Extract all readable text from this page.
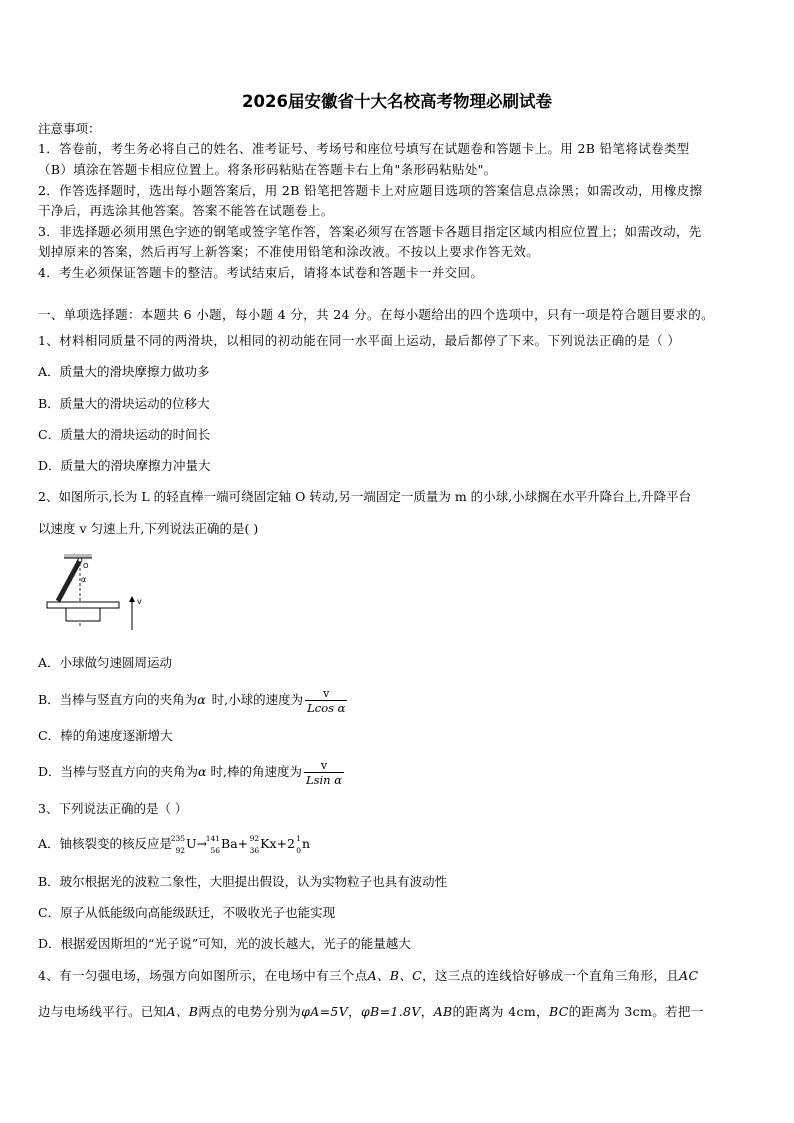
2026届安徽省十大名校高考物理必刷试卷
注意事项：
1．答卷前，考生务必将自己的姓名、准考证号、考场号和座位号填写在试题卷和答题卡上。用 2B 铅笔将试卷类型
（B）填涂在答题卡相应位置上。将条形码粘贴在答题卡右上角"条形码粘贴处"。
2．作答选择题时，选出每小题答案后，用 2B 铅笔把答题卡上对应题目选项的答案信息点涂黑；如需改动，用橡皮擦
干净后，再选涂其他答案。答案不能答在试题卷上。
3．非选择题必须用黑色字迹的钢笔或签字笔作答，答案必须写在答题卡各题目指定区域内相应位置上；如需改动，先
划掉原来的答案，然后再写上新答案；不准使用铅笔和涂改液。不按以上要求作答无效。
4．考生必须保证答题卡的整洁。考试结束后，请将本试卷和答题卡一并交回。
一、单项选择题：本题共 6 小题，每小题 4 分，共 24 分。在每小题给出的四个选项中，只有一项是符合题目要求的。
1、材料相同质量不同的两滑块，以相同的初动能在同一水平面上运动，最后都停了下来。下列说法正确的是（ ）
A．质量大的滑块摩擦力做功多
B．质量大的滑块运动的位移大
C．质量大的滑块运动的时间长
D．质量大的滑块摩擦力冲量大
2、如图所示,长为 L 的轻直棒一端可绕固定轴 O 转动,另一端固定一质量为 m 的小球,小球搁在水平升降台上,升降平台
以速度 v 匀速上升,下列说法正确的是( )
O
α
v
A．小球做匀速圆周运动
B．当棒与竖直方向的夹角为α 时,小球的速度为 $\frac{v}{\text{Lcos α}}$
C．棒的角速度逐渐增大
D．当棒与竖直方向的夹角为α 时,棒的角速度为 $\frac{v}{\text{Lsin α}}$
3、下列说法正确的是（ ）
A．铀核裂变的核反应是
235
92 U→
141
56 Ba+ 92
36 Kx+2 1
0 n
B．玻尔根据光的波粒二象性，大胆提出假设，认为实物粒子也具有波动性
C．原子从低能级向高能级跃迁，不吸收光子也能实现
D．根据爱因斯坦的“光子说”可知，光的波长越大，光子的能量越大
4、有一匀强电场，场强方向如图所示，在电场中有三个点A、B、C，这三点的连线恰好够成一个直角三角形，且AC
边与电场线平行。已知A、B两点的电势分别为φA=5V，φB=1.8V，AB的距离为 4cm，BC的距离为 3cm。若把一
